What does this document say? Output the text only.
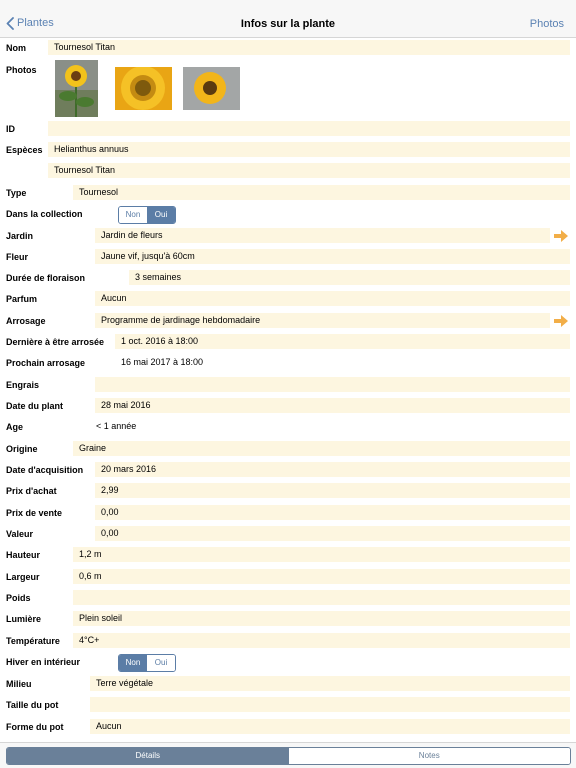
Plantes	Infos sur la plante	Photos
Nom	Tournesol Titan
Photos
ID
Espèces	Helianthus annuus
Tournesol Titan
Type	Tournesol
Dans la collection	Non	Oui
Jardin	Jardin de fleurs
Fleur	Jaune vif, jusqu'à 60cm
Durée de floraison	3 semaines
Parfum	Aucun
Arrosage	Programme de jardinage hebdomadaire
Dernière à être arrosée	1 oct. 2016 à 18:00
Prochain arrosage	16 mai 2017 à 18:00
Engrais
Date du plant	28 mai 2016
Age	< 1 année
Origine	Graine
Date d'acquisition	20 mars 2016
Prix d'achat	2,99
Prix de vente	0,00
Valeur	0,00
Hauteur	1,2 m
Largeur	0,6 m
Poids
Lumière	Plein soleil
Température	4°C+
Hiver en intérieur	Non	Oui
Milieu	Terre végétale
Taille du pot
Forme du pot	Aucun
Détails	Notes
